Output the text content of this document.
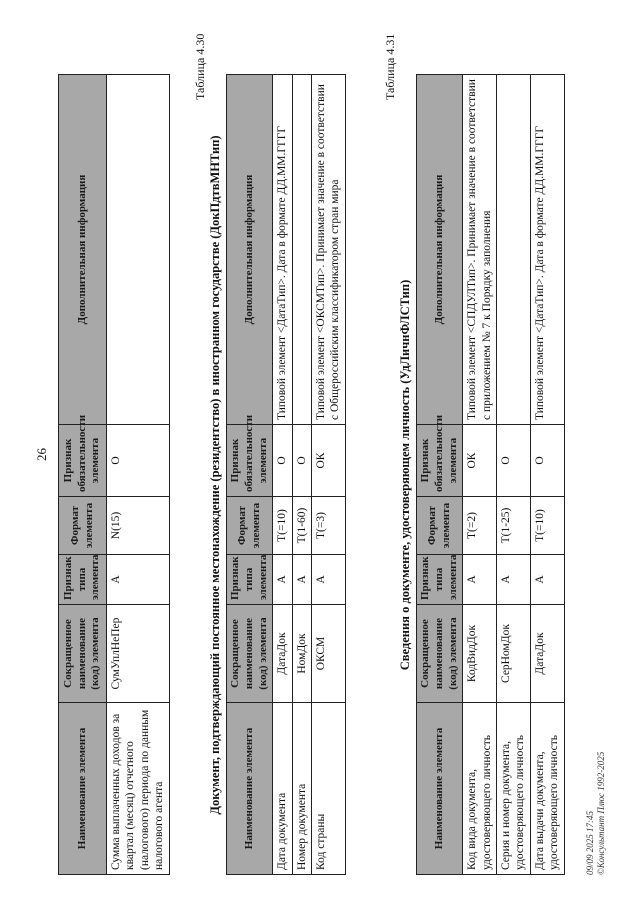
26
Наименование элемента	Сокращенное наименование (код) элемента	Признак типа элемента	Формат элемента	Признак обязательности элемента	Дополнительная информация
Сумма выплаченных доходов за квартал (месяц) отчетного (налогового) периода по данным налогового агента	СумУплНеПер	А	N(15)	О	
Таблица 4.30
Документ, подтверждающий постоянное местонахождение (резидентство) в иностранном государстве (ДокПдтвМНТип) Наименование элемента	Сокращенное наименование (код) элемента	Признак типа элемента	Формат элемента	Признак обязательности элемента	Дополнительная информация
Дата документа	ДатаДок	А	T(=10)	О	Типовой элемент <ДатаТип>. Дата в формате ДД.ММ.ГГГГ
Номер документа	НомДок	А	T(1-60)	О	
Код страны	ОКСМ	А	T(=3)	ОК	Типовой элемент <ОКСМТип>. Принимает значение в соответствии с Общероссийским классификатором стран мира
Таблица 4.31
Сведения о документе, удостоверяющем личность (УдЛичнФЛСТип)
Наименование элемента	Сокращенное наименование (код) элемента	Признак типа элемента	Формат элемента	Признак обязательности элемента	Дополнительная информация
Код вида документа, удостоверяющего личность	КодВидДок	А	T(=2)	ОК	Типовой элемент <СПДУЛТип>. Принимает значение в соответствии с приложением № 7 к Порядку заполнения
Серия и номер документа, удостоверяющего личность	СерНомДок	А	T(1-25)	О	
Дата выдачи документа, удостоверяющего личность	ДатаДок	А	T(=10)	О	Типовой элемент <ДатаТип>. Дата в формате ДД.ММ.ГГГГ
09/09 2025 17:45 ©Консультант Плюс 1992-2025
